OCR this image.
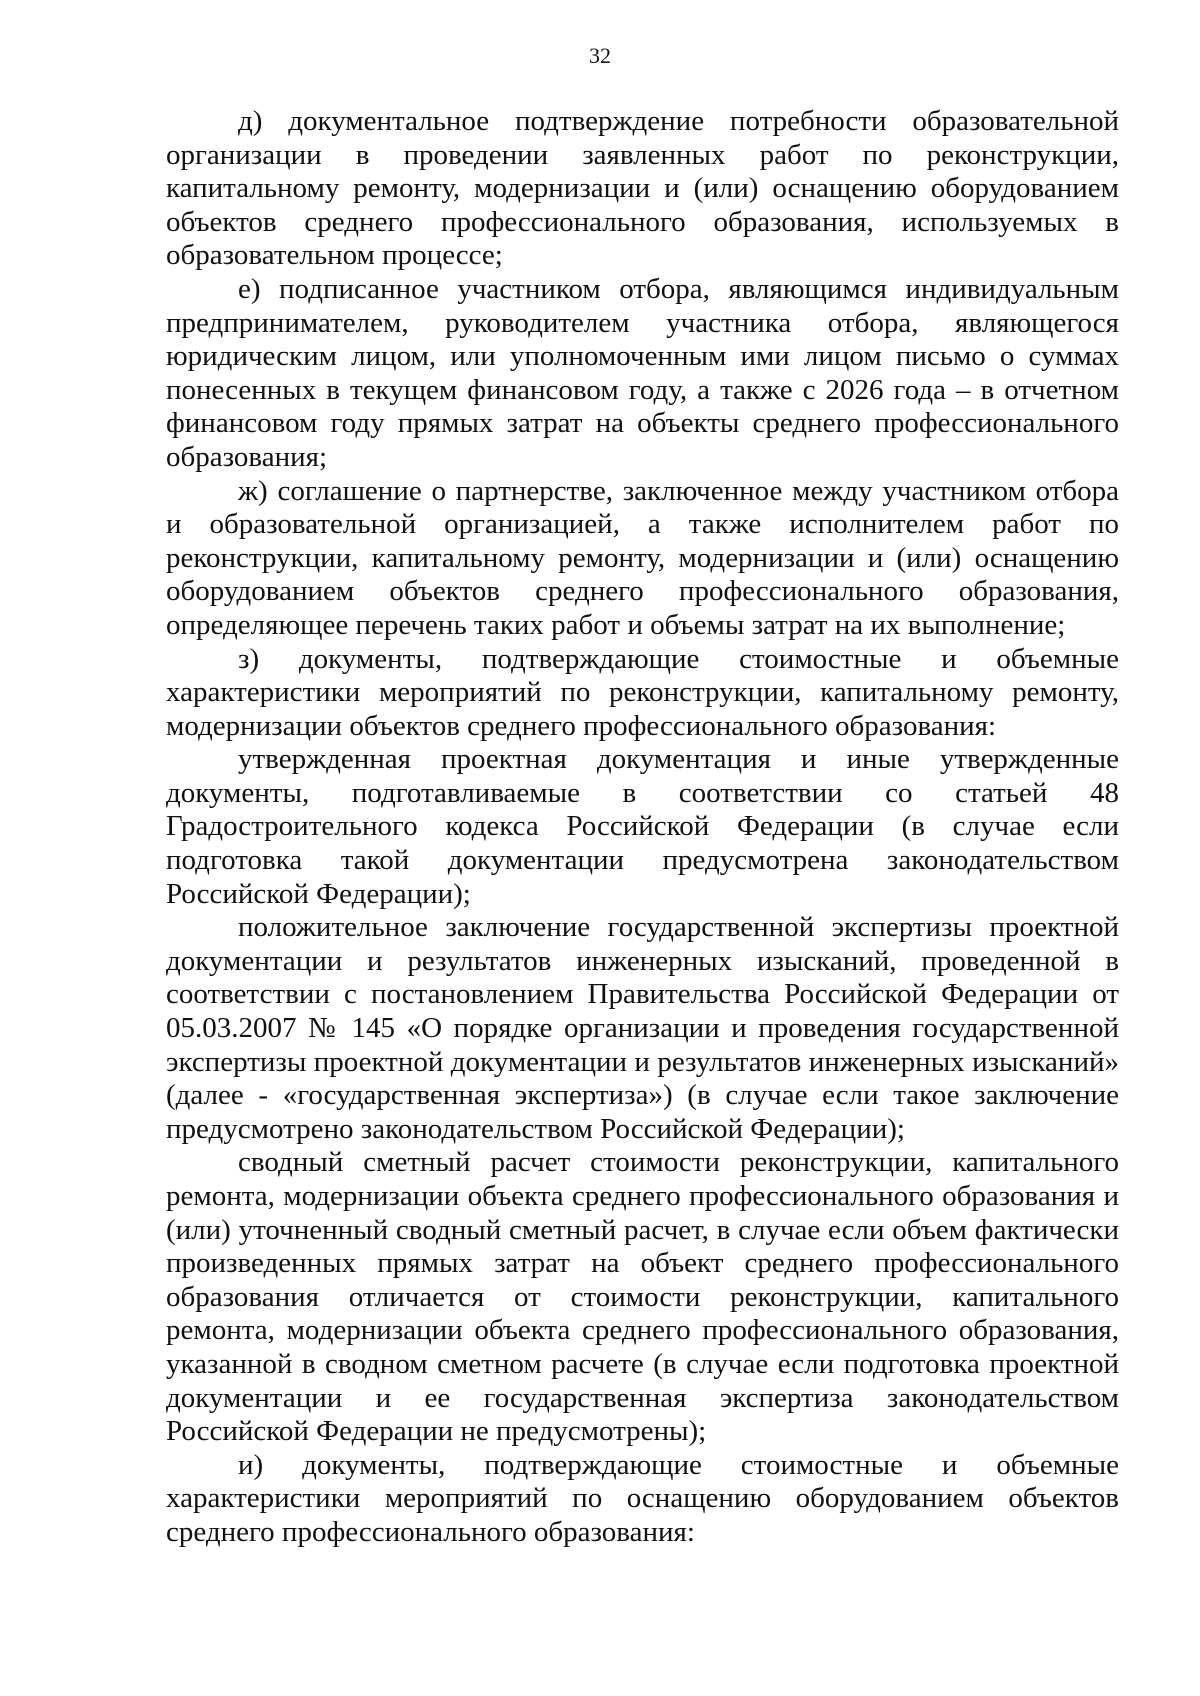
32

д) документальное подтверждение потребности образовательной организации в проведении заявленных работ по реконструкции, капитальному ремонту, модернизации и (или) оснащению оборудованием объектов среднего профессионального образования, используемых в образовательном процессе;

е) подписанное участником отбора, являющимся индивидуальным предпринимателем, руководителем участника отбора, являющегося юридическим лицом, или уполномоченным ими лицом письмо о суммах понесенных в текущем финансовом году, а также с 2026 года – в отчетном финансовом году прямых затрат на объекты среднего профессионального образования;

ж) соглашение о партнерстве, заключенное между участником отбора и образовательной организацией, а также исполнителем работ по реконструкции, капитальному ремонту, модернизации и (или) оснащению оборудованием объектов среднего профессионального образования, определяющее перечень таких работ и объемы затрат на их выполнение;

з) документы, подтверждающие стоимостные и объемные характеристики мероприятий по реконструкции, капитальному ремонту, модернизации объектов среднего профессионального образования:

утвержденная проектная документация и иные утвержденные документы, подготавливаемые в соответствии со статьей 48 Градостроительного кодекса Российской Федерации (в случае если подготовка такой документации предусмотрена законодательством Российской Федерации);

положительное заключение государственной экспертизы проектной документации и результатов инженерных изысканий, проведенной в соответствии с постановлением Правительства Российской Федерации от 05.03.2007 № 145 «О порядке организации и проведения государственной экспертизы проектной документации и результатов инженерных изысканий» (далее - «государственная экспертиза») (в случае если такое заключение предусмотрено законодательством Российской Федерации);

сводный сметный расчет стоимости реконструкции, капитального ремонта, модернизации объекта среднего профессионального образования и (или) уточненный сводный сметный расчет, в случае если объем фактически произведенных прямых затрат на объект среднего профессионального образования отличается от стоимости реконструкции, капитального ремонта, модернизации объекта среднего профессионального образования, указанной в сводном сметном расчете (в случае если подготовка проектной документации и ее государственная экспертиза законодательством Российской Федерации не предусмотрены);

и) документы, подтверждающие стоимостные и объемные характеристики мероприятий по оснащению оборудованием объектов среднего профессионального образования:
